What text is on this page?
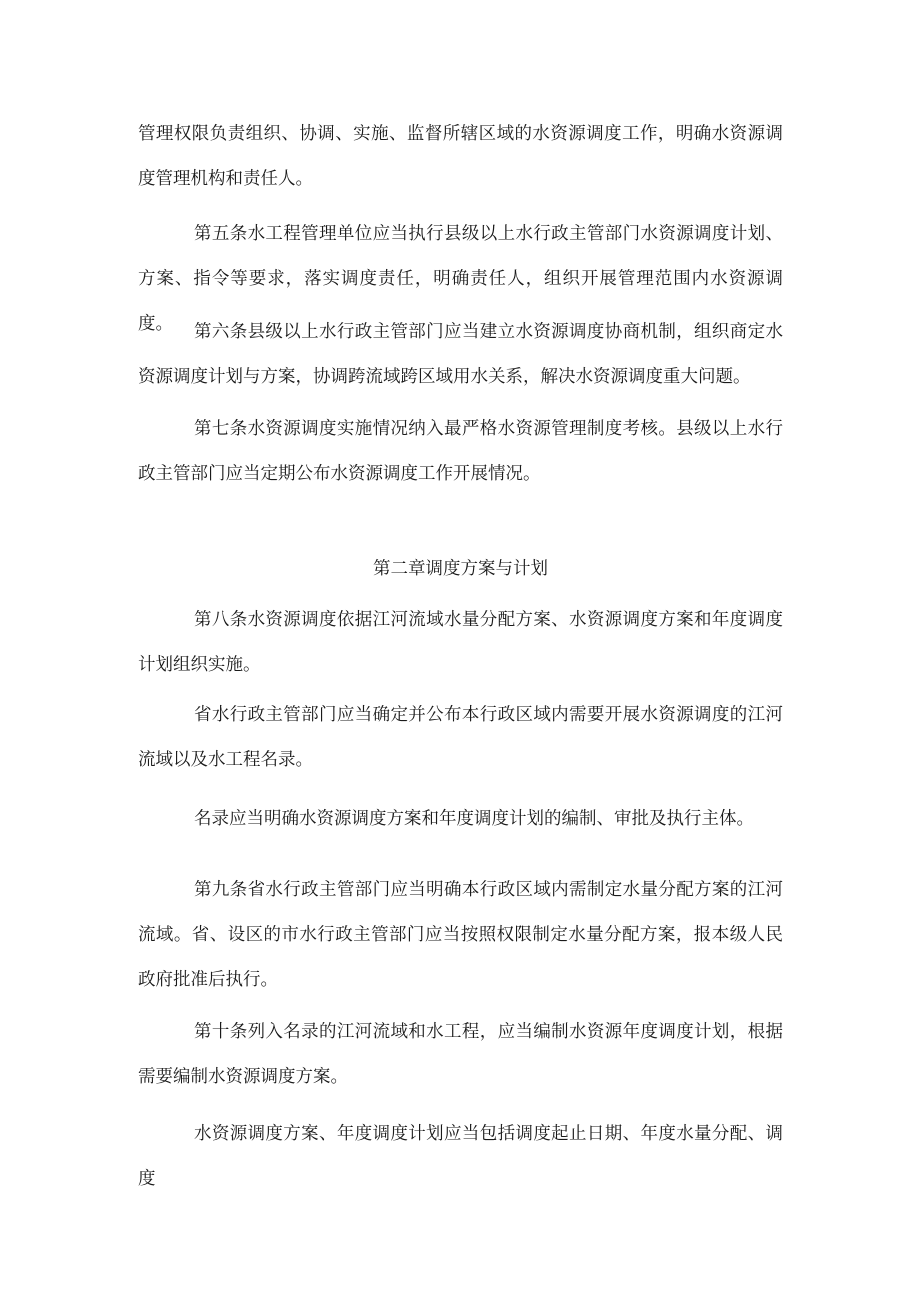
管理权限负责组织、协调、实施、监督所辖区域的水资源调度工作，明确水资源调度管理机构和责任人。

第五条水工程管理单位应当执行县级以上水行政主管部门水资源调度计划、方案、指令等要求，落实调度责任，明确责任人，组织开展管理范围内水资源调度。	第六条县级以上水行政主管部门应当建立水资源调度协商机制，组织商定水资源调度计划与方案，协调跨流域跨区域用水关系，解决水资源调度重大问题。

第七条水资源调度实施情况纳入最严格水资源管理制度考核。县级以上水行政主管部门应当定期公布水资源调度工作开展情况。

第二章调度方案与计划

第八条水资源调度依据江河流域水量分配方案、水资源调度方案和年度调度计划组织实施。

省水行政主管部门应当确定并公布本行政区域内需要开展水资源调度的江河流域以及水工程名录。

名录应当明确水资源调度方案和年度调度计划的编制、审批及执行主体。

第九条省水行政主管部门应当明确本行政区域内需制定水量分配方案的江河流域。省、设区的市水行政主管部门应当按照权限制定水量分配方案，报本级人民政府批准后执行。

第十条列入名录的江河流域和水工程，应当编制水资源年度调度计划，根据需要编制水资源调度方案。

水资源调度方案、年度调度计划应当包括调度起止日期、年度水量分配、调度
